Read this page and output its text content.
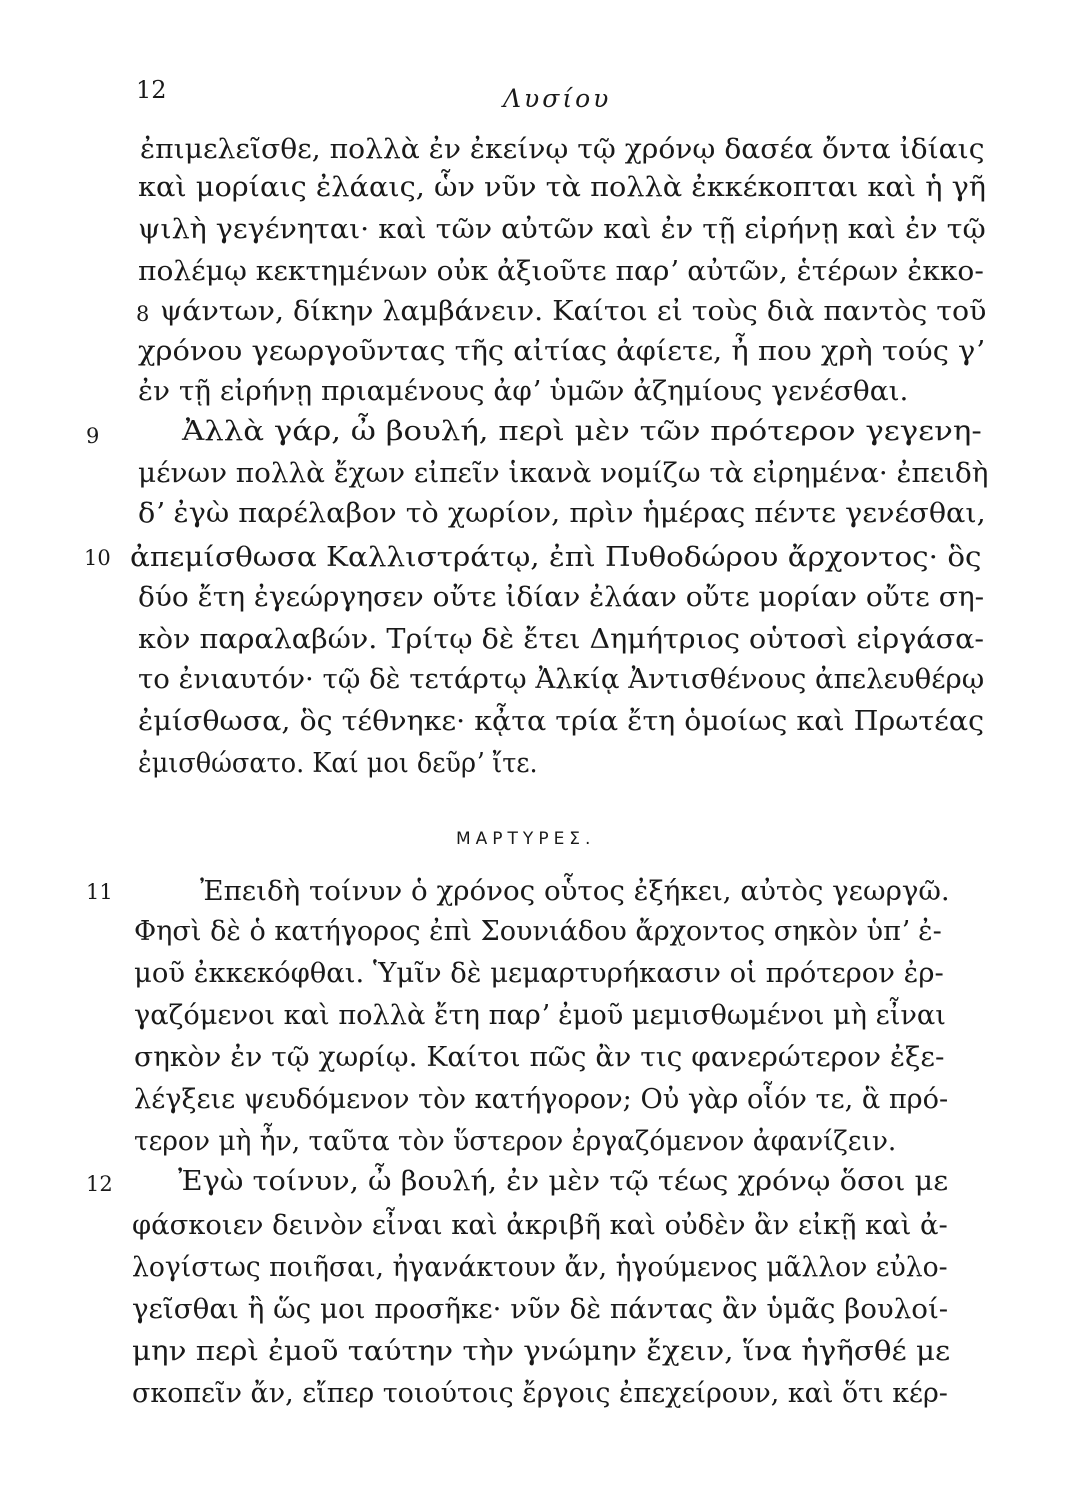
12	Λυσίου
ἐπιμελεῖσθε, πολλὰ ἐν ἐκείνῳ τῷ χρόνῳ δασέα ὄντα ἰδίαις
καὶ μορίαις ἐλάαις, ὧν νῦν τὰ πολλὰ ἐκκέκοπται καὶ ἡ γῆ
ψιλὴ γεγένηται· καὶ τῶν αὐτῶν καὶ ἐν τῇ εἰρήνῃ καὶ ἐν τῷ
πολέμῳ κεκτημένων οὐκ ἀξιοῦτε παρʼ αὐτῶν, ἑτέρων ἐκκο-
8 ψάντων, δίκην λαμβάνειν. Καίτοι εἰ τοὺς διὰ παντὸς τοῦ
χρόνου γεωργοῦντας τῆς αἰτίας ἀφίετε, ἦ που χρὴ τούς γʼ
ἐν τῇ εἰρήνῃ πριαμένους ἀφʼ ὑμῶν ἀζημίους γενέσθαι.
9	Ἀλλὰ γάρ, ὦ βουλή, περὶ μὲν τῶν πρότερον γεγενη-
μένων πολλὰ ἔχων εἰπεῖν ἱκανὰ νομίζω τὰ εἰρημένα· ἐπειδὴ
δʼ ἐγὼ παρέλαβον τὸ χωρίον, πρὶν ἡμέρας πέντε γενέσθαι,
10 ἀπεμίσθωσα Καλλιστράτῳ, ἐπὶ Πυθοδώρου ἄρχοντος· ὃς
δύο ἔτη ἐγεώργησεν οὔτε ἰδίαν ἐλάαν οὔτε μορίαν οὔτε ση-
κὸν παραλαβών. Τρίτῳ δὲ ἔτει Δημήτριος οὑτοσὶ εἰργάσα-
το ἐνιαυτόν· τῷ δὲ τετάρτῳ Ἀλκίᾳ Ἀντισθένους ἀπελευθέρῳ
ἐμίσθωσα, ὃς τέθνηκε· κᾆτα τρία ἔτη ὁμοίως καὶ Πρωτέας
ἐμισθώσατο. Καί μοι δεῦρʼ ἴτε.
ΜΑΡΤΥΡΕΣ.
11	Ἐπειδὴ τοίνυν ὁ χρόνος οὗτος ἐξήκει, αὐτὸς γεωργῶ.
Φησὶ δὲ ὁ κατήγορος ἐπὶ Σουνιάδου ἄρχοντος σηκὸν ὑπʼ ἐ-
μοῦ ἐκκεκόφθαι. Ὑμῖν δὲ μεμαρτυρήκασιν οἱ πρότερον ἐρ-
γαζόμενοι καὶ πολλὰ ἔτη παρʼ ἐμοῦ μεμισθωμένοι μὴ εἶναι
σηκὸν ἐν τῷ χωρίῳ. Καίτοι πῶς ἂν τις φανερώτερον ἐξε-
λέγξειε ψευδόμενον τὸν κατήγορον; Οὐ γὰρ οἷόν τε, ἃ πρό-
τερον μὴ ἦν, ταῦτα τὸν ὕστερον ἐργαζόμενον ἀφανίζειν.
12 Ἐγὼ τοίνυν, ὦ βουλή, ἐν μὲν τῷ τέως χρόνῳ ὅσοι με
φάσκοιεν δεινὸν εἶναι καὶ ἀκριβῆ καὶ οὐδὲν ἂν εἰκῇ καὶ ἀ-
λογίστως ποιῆσαι, ἠγανάκτουν ἄν, ἡγούμενος μᾶλλον εὐλο-
γεῖσθαι ἢ ὥς μοι προσῆκε· νῦν δὲ πάντας ἂν ὑμᾶς βουλοί-
μην περὶ ἐμοῦ ταύτην τὴν γνώμην ἔχειν, ἵνα ἡγῆσθέ με
σκοπεῖν ἄν, εἴπερ τοιούτοις ἔργοις ἐπεχείρουν, καὶ ὅτι κέρ-
